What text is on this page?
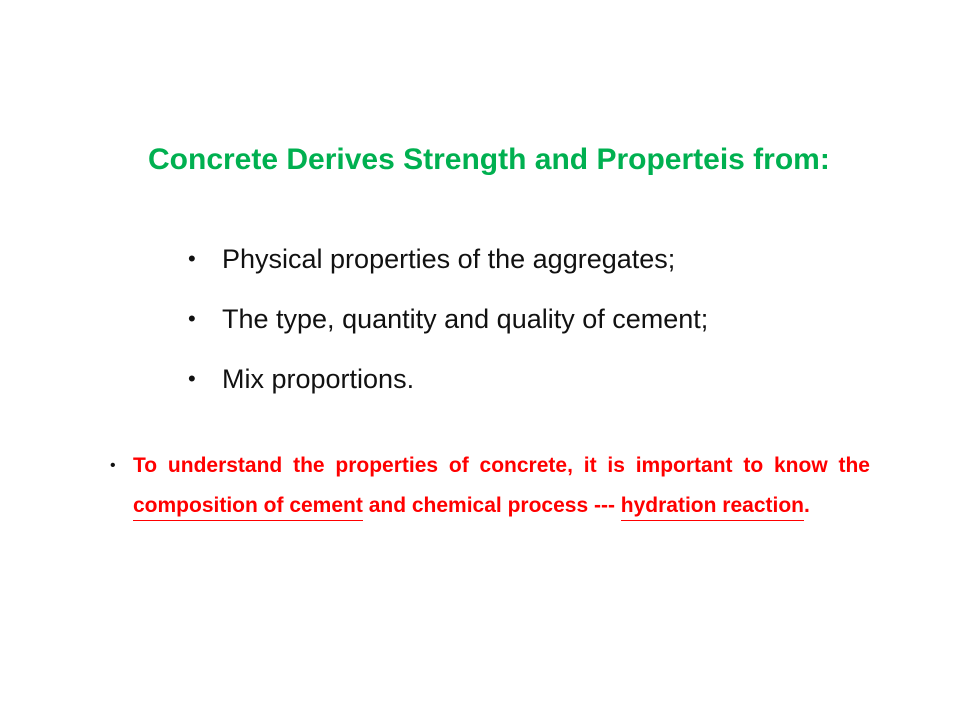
Concrete Derives Strength and Properteis from:
• Physical properties of the aggregates;
• The type, quantity and quality of cement;
• Mix proportions.
• To understand the properties of concrete, it is important to know the composition of cement and chemical process --- hydration reaction.
